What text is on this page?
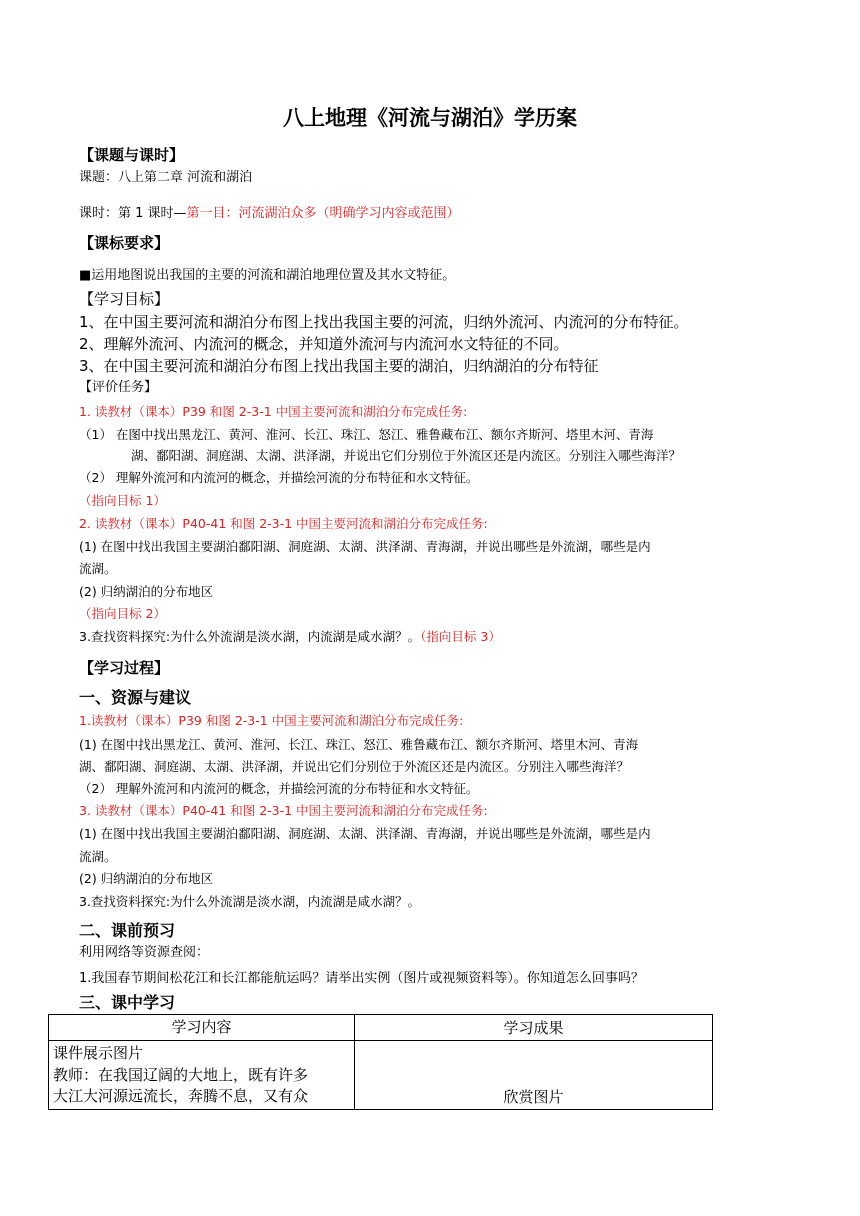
八上地理《河流与湖泊》学历案
【课题与课时】
课题：八上第二章 河流和湖泊
课时：第 1 课时—第一目：河流湖泊众多（明确学习内容或范围）
【课标要求】
■运用地图说出我国的主要的河流和湖泊地理位置及其水文特征。
【学习目标】
1、在中国主要河流和湖泊分布图上找出我国主要的河流，归纳外流河、内流河的分布特征。
2、理解外流河、内流河的概念，并知道外流河与内流河水文特征的不同。
3、在中国主要河流和湖泊分布图上找出我国主要的湖泊，归纳湖泊的分布特征
【评价任务】
1. 读教材（课本）P39 和图 2-3-1 中国主要河流和湖泊分布完成任务:
（1） 在图中找出黑龙江、黄河、淮河、长江、珠江、怒江、雅鲁藏布江、额尔齐斯河、塔里木河、青海
湖、鄱阳湖、洞庭湖、太湖、洪泽湖，并说出它们分别位于外流区还是内流区。分别注入哪些海洋？
（2） 理解外流河和内流河的概念，并描绘河流的分布特征和水文特征。
（指向目标 1）
2. 读教材（课本）P40-41 和图 2-3-1 中国主要河流和湖泊分布完成任务:
(1) 在图中找出我国主要湖泊鄱阳湖、洞庭湖、太湖、洪泽湖、青海湖，并说出哪些是外流湖，哪些是内
流湖。
(2) 归纳湖泊的分布地区
（指向目标 2）
3.查找资料探究:为什么外流湖是淡水湖，内流湖是咸水湖？。（指向目标 3）
【学习过程】
一、资源与建议
1.读教材（课本）P39 和图 2-3-1 中国主要河流和湖泊分布完成任务:
(1) 在图中找出黑龙江、黄河、淮河、长江、珠江、怒江、雅鲁藏布江、额尔齐斯河、塔里木河、青海
湖、鄱阳湖、洞庭湖、太湖、洪泽湖，并说出它们分别位于外流区还是内流区。分别注入哪些海洋？
（2） 理解外流河和内流河的概念，并描绘河流的分布特征和水文特征。
3. 读教材（课本）P40-41 和图 2-3-1 中国主要河流和湖泊分布完成任务:
(1) 在图中找出我国主要湖泊鄱阳湖、洞庭湖、太湖、洪泽湖、青海湖，并说出哪些是外流湖，哪些是内
流湖。
(2) 归纳湖泊的分布地区
3.查找资料探究:为什么外流湖是淡水湖，内流湖是咸水湖？。
二、课前预习
利用网络等资源查阅：
1.我国春节期间松花江和长江都能航运吗？请举出实例（图片或视频资料等）。你知道怎么回事吗？
三、课中学习
学习内容	学习成果

课件展示图片
教师：在我国辽阔的大地上，既有许多
大江大河源远流长，奔腾不息，又有众	欣赏图片
